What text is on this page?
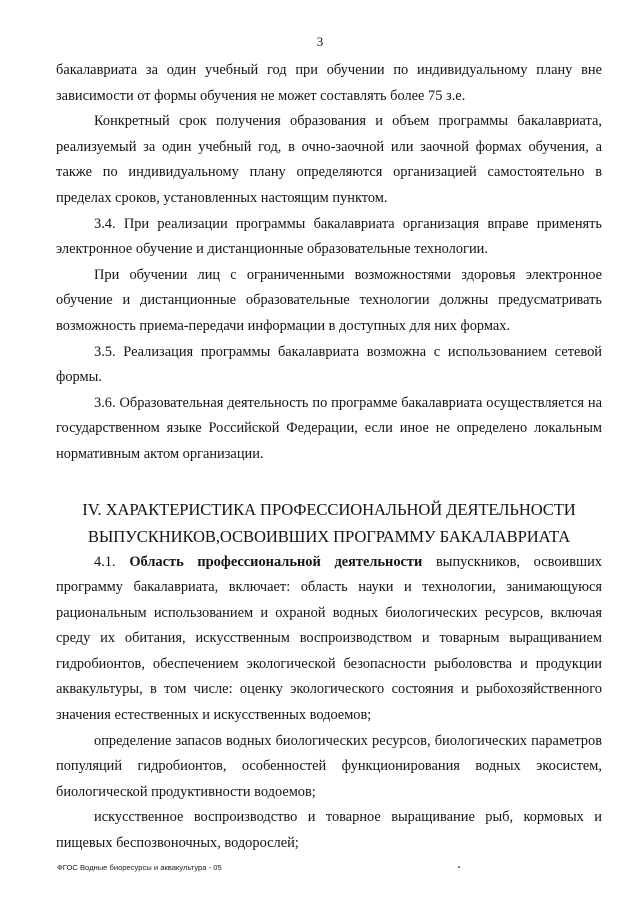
3

бакалавриата за один учебный год при обучении по индивидуальному плану вне зависимости от формы обучения не может составлять более 75 з.е.

Конкретный срок получения образования и объем программы бакалавриата, реализуемый за один учебный год, в очно-заочной или заочной формах обучения, а также по индивидуальному плану определяются организацией самостоятельно в пределах сроков, установленных настоящим пунктом.

3.4. При реализации программы бакалавриата организация вправе применять электронное обучение и дистанционные образовательные технологии.

При обучении лиц с ограниченными возможностями здоровья электронное обучение и дистанционные образовательные технологии должны предусматривать возможность приема-передачи информации в доступных для них формах.

3.5. Реализация программы бакалавриата возможна с использованием сетевой формы.

3.6. Образовательная деятельность по программе бакалавриата осуществляется на государственном языке Российской Федерации, если иное не определено локальным нормативным актом организации.

IV. ХАРАКТЕРИСТИКА ПРОФЕССИОНАЛЬНОЙ ДЕЯТЕЛЬНОСТИ
ВЫПУСКНИКОВ,ОСВОИВШИХ ПРОГРАММУ БАКАЛАВРИАТА

4.1. Область профессиональной деятельности выпускников, освоивших программу бакалавриата, включает: область науки и технологии, занимающуюся рациональным использованием и охраной водных биологических ресурсов, включая среду их обитания, искусственным воспроизводством и товарным выращиванием гидробионтов, обеспечением экологической безопасности рыболовства и продукции аквакультуры, в том числе: оценку экологического состояния и рыбохозяйственного значения естественных и искусственных водоемов;

определение запасов водных биологических ресурсов, биологических параметров популяций гидробионтов, особенностей функционирования водных экосистем, биологической продуктивности водоемов;

искусственное воспроизводство и товарное выращивание рыб, кормовых и пищевых беспозвоночных, водорослей;

ФГОС Водные биоресурсы и аквакультура - 05
